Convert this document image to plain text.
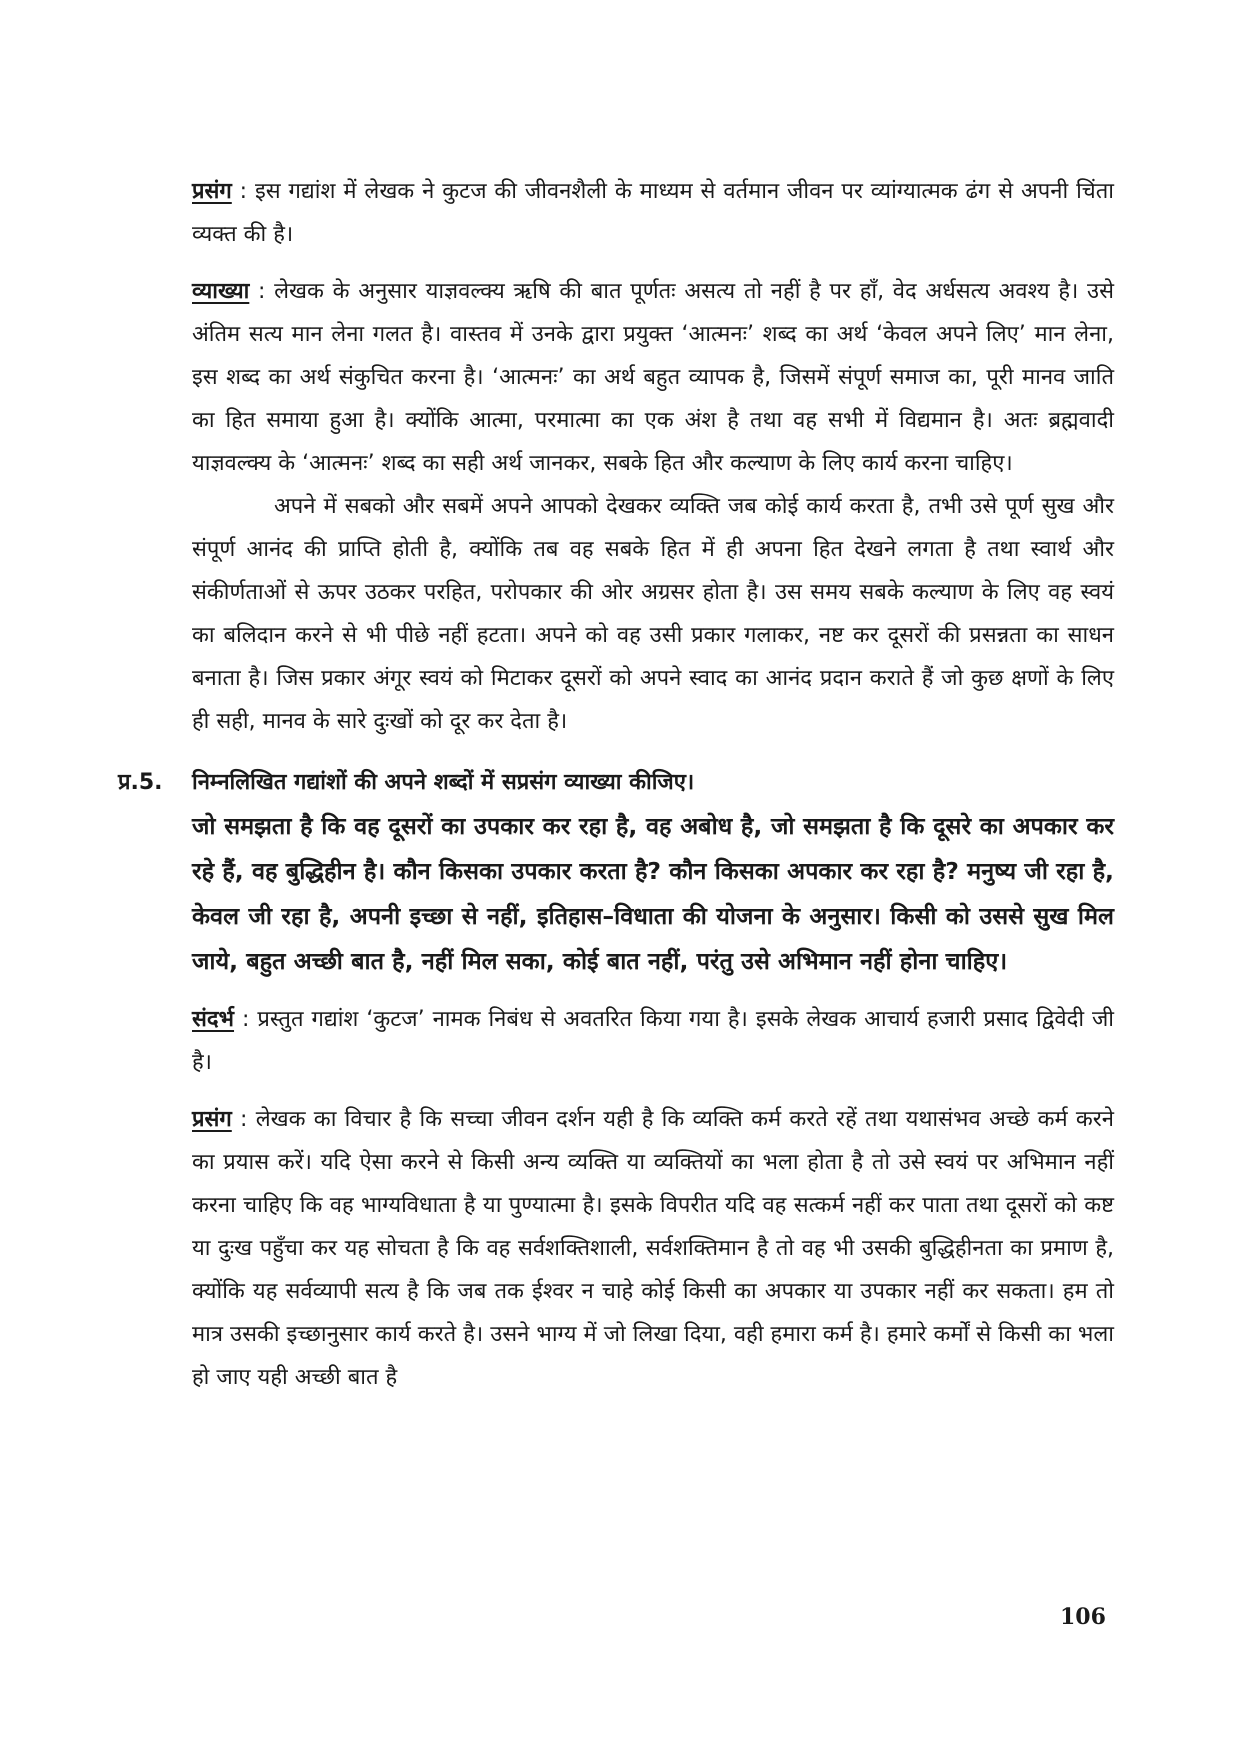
प्रसंग : इस गद्यांश में लेखक ने कुटज की जीवनशैली के माध्यम से वर्तमान जीवन पर व्यांग्यात्मक ढंग से अपनी चिंता व्यक्त की है।

व्याख्या : लेखक के अनुसार याज्ञवल्क्य ऋषि की बात पूर्णतः असत्य तो नहीं है पर हाँ, वेद अर्धसत्य अवश्य है। उसे अंतिम सत्य मान लेना गलत है। वास्तव में उनके द्वारा प्रयुक्त ‘आत्मनः’ शब्द का अर्थ ‘केवल अपने लिए’ मान लेना, इस शब्द का अर्थ संकुचित करना है। ‘आत्मनः’ का अर्थ बहुत व्यापक है, जिसमें संपूर्ण समाज का, पूरी मानव जाति का हित समाया हुआ है। क्योंकि आत्मा, परमात्मा का एक अंश है तथा वह सभी में विद्यमान है। अतः ब्रह्मवादी याज्ञवल्क्य के ‘आत्मनः’ शब्द का सही अर्थ जानकर, सबके हित और कल्याण के लिए कार्य करना चाहिए।

अपने में सबको और सबमें अपने आपको देखकर व्यक्ति जब कोई कार्य करता है, तभी उसे पूर्ण सुख और संपूर्ण आनंद की प्राप्ति होती है, क्योंकि तब वह सबके हित में ही अपना हित देखने लगता है तथा स्वार्थ और संकीर्णताओं से ऊपर उठकर परहित, परोपकार की ओर अग्रसर होता है। उस समय सबके कल्याण के लिए वह स्वयं का बलिदान करने से भी पीछे नहीं हटता। अपने को वह उसी प्रकार गलाकर, नष्ट कर दूसरों की प्रसन्नता का साधन बनाता है। जिस प्रकार अंगूर स्वयं को मिटाकर दूसरों को अपने स्वाद का आनंद प्रदान कराते हैं जो कुछ क्षणों के लिए ही सही, मानव के सारे दुःखों को दूर कर देता है।

प्र.5. निम्नलिखित गद्यांशों की अपने शब्दों में सप्रसंग व्याख्या कीजिए।

जो समझता है कि वह दूसरों का उपकार कर रहा है, वह अबोध है, जो समझता है कि दूसरे का अपकार कर रहे हैं, वह बुद्धिहीन है। कौन किसका उपकार करता है? कौन किसका अपकार कर रहा है? मनुष्य जी रहा है, केवल जी रहा है, अपनी इच्छा से नहीं, इतिहास–विधाता की योजना के अनुसार। किसी को उससे सुख मिल जाये, बहुत अच्छी बात है, नहीं मिल सका, कोई बात नहीं, परंतु उसे अभिमान नहीं होना चाहिए।

संदर्भ : प्रस्तुत गद्यांश ‘कुटज’ नामक निबंध से अवतरित किया गया है। इसके लेखक आचार्य हजारी प्रसाद द्विवेदी जी है।

प्रसंग : लेखक का विचार है कि सच्चा जीवन दर्शन यही है कि व्यक्ति कर्म करते रहें तथा यथासंभव अच्छे कर्म करने का प्रयास करें। यदि ऐसा करने से किसी अन्य व्यक्ति या व्यक्तियों का भला होता है तो उसे स्वयं पर अभिमान नहीं करना चाहिए कि वह भाग्यविधाता है या पुण्यात्मा है। इसके विपरीत यदि वह सत्कर्म नहीं कर पाता तथा दूसरों को कष्ट या दुःख पहुँचा कर यह सोचता है कि वह सर्वशक्तिशाली, सर्वशक्तिमान है तो वह भी उसकी बुद्धिहीनता का प्रमाण है, क्योंकि यह सर्वव्यापी सत्य है कि जब तक ईश्वर न चाहे कोई किसी का अपकार या उपकार नहीं कर सकता। हम तो मात्र उसकी इच्छानुसार कार्य करते है। उसने भाग्य में जो लिखा दिया, वही हमारा कर्म है। हमारे कर्मों से किसी का भला हो जाए यही अच्छी बात है

106
